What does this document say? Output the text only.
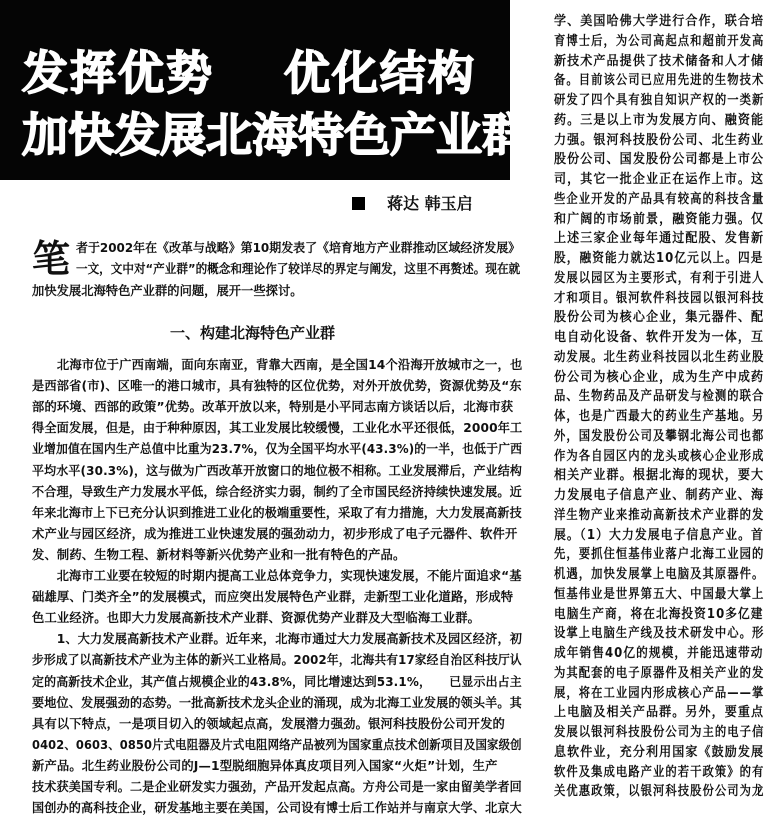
发挥优势 优化结构
加快发展北海特色产业群
蒋达 韩玉启
笔 者于2002年在《改革与战略》第10期发表了《培育地方产业群推动区域经济发展》
一文，文中对“产业群”的概念和理论作了较详尽的界定与阐发，这里不再赘述。现在就
加快发展北海特色产业群的问题，展开一些探讨。
一、构建北海特色产业群
　　北海市位于广西南端，面向东南亚，背靠大西南，是全国14个沿海开放城市之一，也
是西部省(市)、区唯一的港口城市，具有独特的区位优势，对外开放优势，资源优势及“东
部的环境、西部的政策”优势。改革开放以来，特别是小平同志南方谈话以后，北海市获
得全面发展，但是，由于种种原因，其工业发展比较缓慢，工业化水平还很低，2000年工
业增加值在国内生产总值中比重为23.7%，仅为全国平均水平(43.3%)的一半，也低于广西
平均水平(30.3%)，这与做为广西改革开放窗口的地位极不相称。工业发展滞后，产业结构
不合理，导致生产力发展水平低，综合经济实力弱，制约了全市国民经济持续快速发展。近
年来北海市上下已充分认识到推进工业化的极端重要性，采取了有力措施，大力发展高新技
术产业与园区经济，成为推进工业快速发展的强劲动力，初步形成了电子元器件、软件开
发、制药、生物工程、新材料等新兴优势产业和一批有特色的产品。
　　北海市工业要在较短的时期内提高工业总体竞争力，实现快速发展，不能片面追求“基
础雄厚、门类齐全”的发展模式，而应突出发展特色产业群，走新型工业化道路，形成特
色工业经济。也即大力发展高新技术产业群、资源优势产业群及大型临海工业群。
　　1、大力发展高新技术产业群。近年来，北海市通过大力发展高新技术及园区经济，初
步形成了以高新技术产业为主体的新兴工业格局。2002年，北海共有17家经自治区科技厅认
定的高新技术企业，其产值占规模企业的43.8%，同比增速达到53.1%，　　已显示出占主
要地位、发展强劲的态势。一批高新技术龙头企业的涌现，成为北海工业发展的领头羊。其
具有以下特点，一是项目切入的领域起点高，发展潜力强劲。银河科技股份公司开发的
0402、0603、0850片式电阻器及片式电阻网络产品被列为国家重点技术创新项目及国家级创
新产品。北生药业股份公司的J—1型脱细胞异体真皮项目列入国家“火炬”计划，生产
技术获美国专利。二是企业研发实力强劲，产品开发起点高。方舟公司是一家由留美学者回
国创办的高科技企业，研发基地主要在美国，公司设有博士后工作站并与南京大学、北京大
学、美国哈佛大学进行合作，联合培
育博士后，为公司高起点和超前开发高
新技术产品提供了技术储备和人才储
备。目前该公司已应用先进的生物技术
研发了四个具有独自知识产权的一类新
药。三是以上市为发展方向、融资能
力强。银河科技股份公司、北生药业
股份公司、国发股份公司都是上市公
司，其它一批企业正在运作上市。这
些企业开发的产品具有较高的科技含量
和广阔的市场前景，融资能力强。仅
上述三家企业每年通过配股、发售新
股，融资能力就达10亿元以上。四是
发展以园区为主要形式，有利于引进人
才和项目。银河软件科技园以银河科技
股份公司为核心企业，集元器件、配
电自动化设备、软件开发为一体，互
动发展。北生药业科技园以北生药业股
份公司为核心企业，成为生产中成药
品、生物药品及产品研发与检测的联合
体，也是广西最大的药业生产基地。另
外，国发股份公司及攀钢北海公司也都
作为各自园区内的龙头或核心企业形成
相关产业群。根据北海的现状，要大
力发展电子信息产业、制药产业、海
洋生物产业来推动高新技术产业群的发
展。（1）大力发展电子信息产业。首
先，要抓住恒基伟业落户北海工业园的
机遇，加快发展掌上电脑及其原器件。
恒基伟业是世界第五大、中国最大掌上
电脑生产商，将在北海投资10多亿建
设掌上电脑生产线及技术研发中心。形
成年销售40亿的规模，并能迅速带动
为其配套的电子原器件及相关产业的发
展，将在工业园内形成核心产品——掌
上电脑及相关产品群。另外，要重点
发展以银河科技股份公司为主的电子信
息软件业，充分利用国家《鼓励发展
软件及集成电路产业的若干政策》的有
关优惠政策，以银河科技股份公司为龙
